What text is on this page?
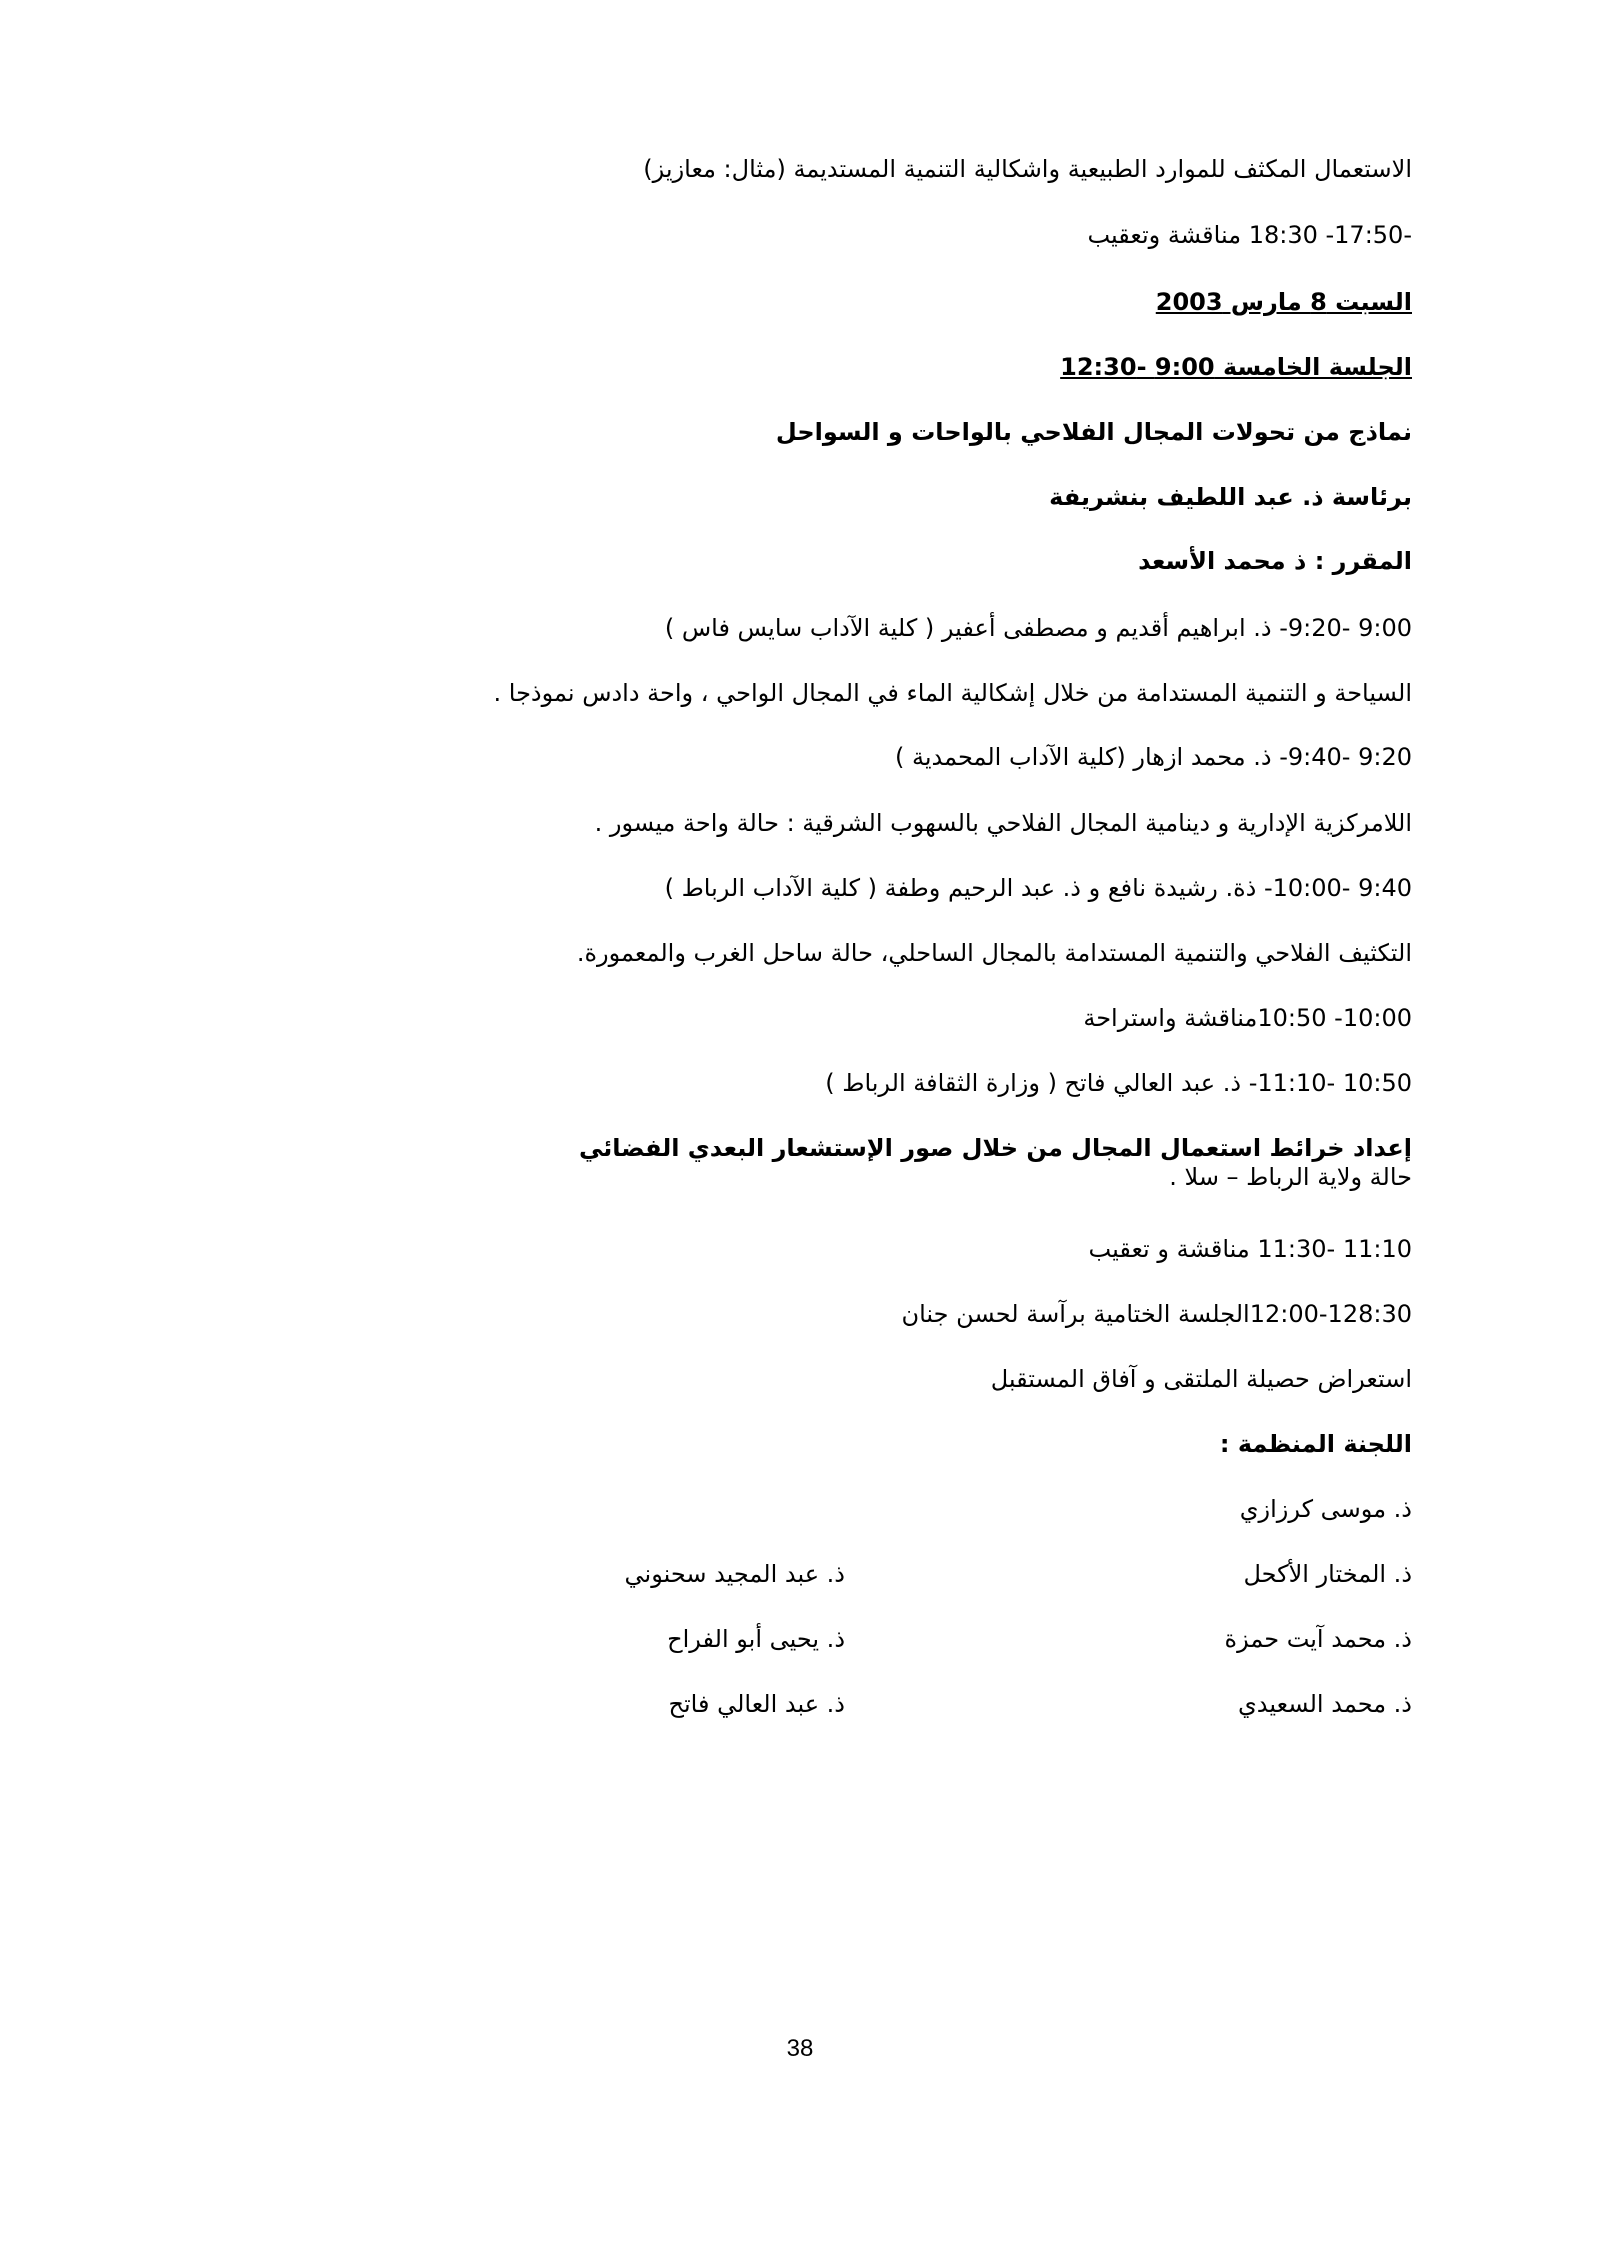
الاستعمال المكثف للموارد الطبيعية واشكالية التنمية المستديمة (مثال: معازيز)
‏-17:50- 18:30 مناقشة وتعقيب
السبت 8 مارس 2003
الجلسة الخامسة 9:00 -12:30
نماذج من تحولات المجال الفلاحي بالواحات و السواحل
برئاسة ذ. عبد اللطيف بنشريفة
المقرر : ذ محمد الأسعد
‏9:00 -9:20- ذ. ابراهيم أقديم و مصطفى أعفير ( كلية الآداب سايس فاس )
السياحة و التنمية المستدامة من خلال إشكالية الماء في المجال الواحي ، واحة دادس نموذجا .
‏9:20 -9:40- ذ. محمد ازهار (كلية الآداب المحمدية )
اللامركزية الإدارية و دينامية المجال الفلاحي بالسهوب الشرقية : حالة واحة ميسور .
‏9:40 -10:00- ذة. رشيدة نافع و ذ. عبد الرحيم وطفة ( كلية الآداب الرباط )
التكثيف الفلاحي والتنمية المستدامة بالمجال الساحلي، حالة ساحل الغرب والمعمورة.
‏10:00- 10:50مناقشة واستراحة
‏10:50 -11:10- ذ. عبد العالي فاتح ( وزارة الثقافة الرباط )
إعداد خرائط استعمال المجال من خلال صور الإستشعار البعدي الفضائي
حالة ولاية الرباط – سلا .
‏11:10 -11:30 مناقشة و تعقيب
‏12:00-128:30الجلسة الختامية برآسة لحسن جنان
استعراض حصيلة الملتقى و آفاق المستقبل
اللجنة المنظمة :
ذ. موسى كرزازي
ذ. المختار الأكحل
ذ. محمد آيت حمزة
ذ. محمد السعيدي
ذ. عبد المجيد سحنوني
ذ. يحيى أبو الفراح
ذ. عبد العالي فاتح
38
